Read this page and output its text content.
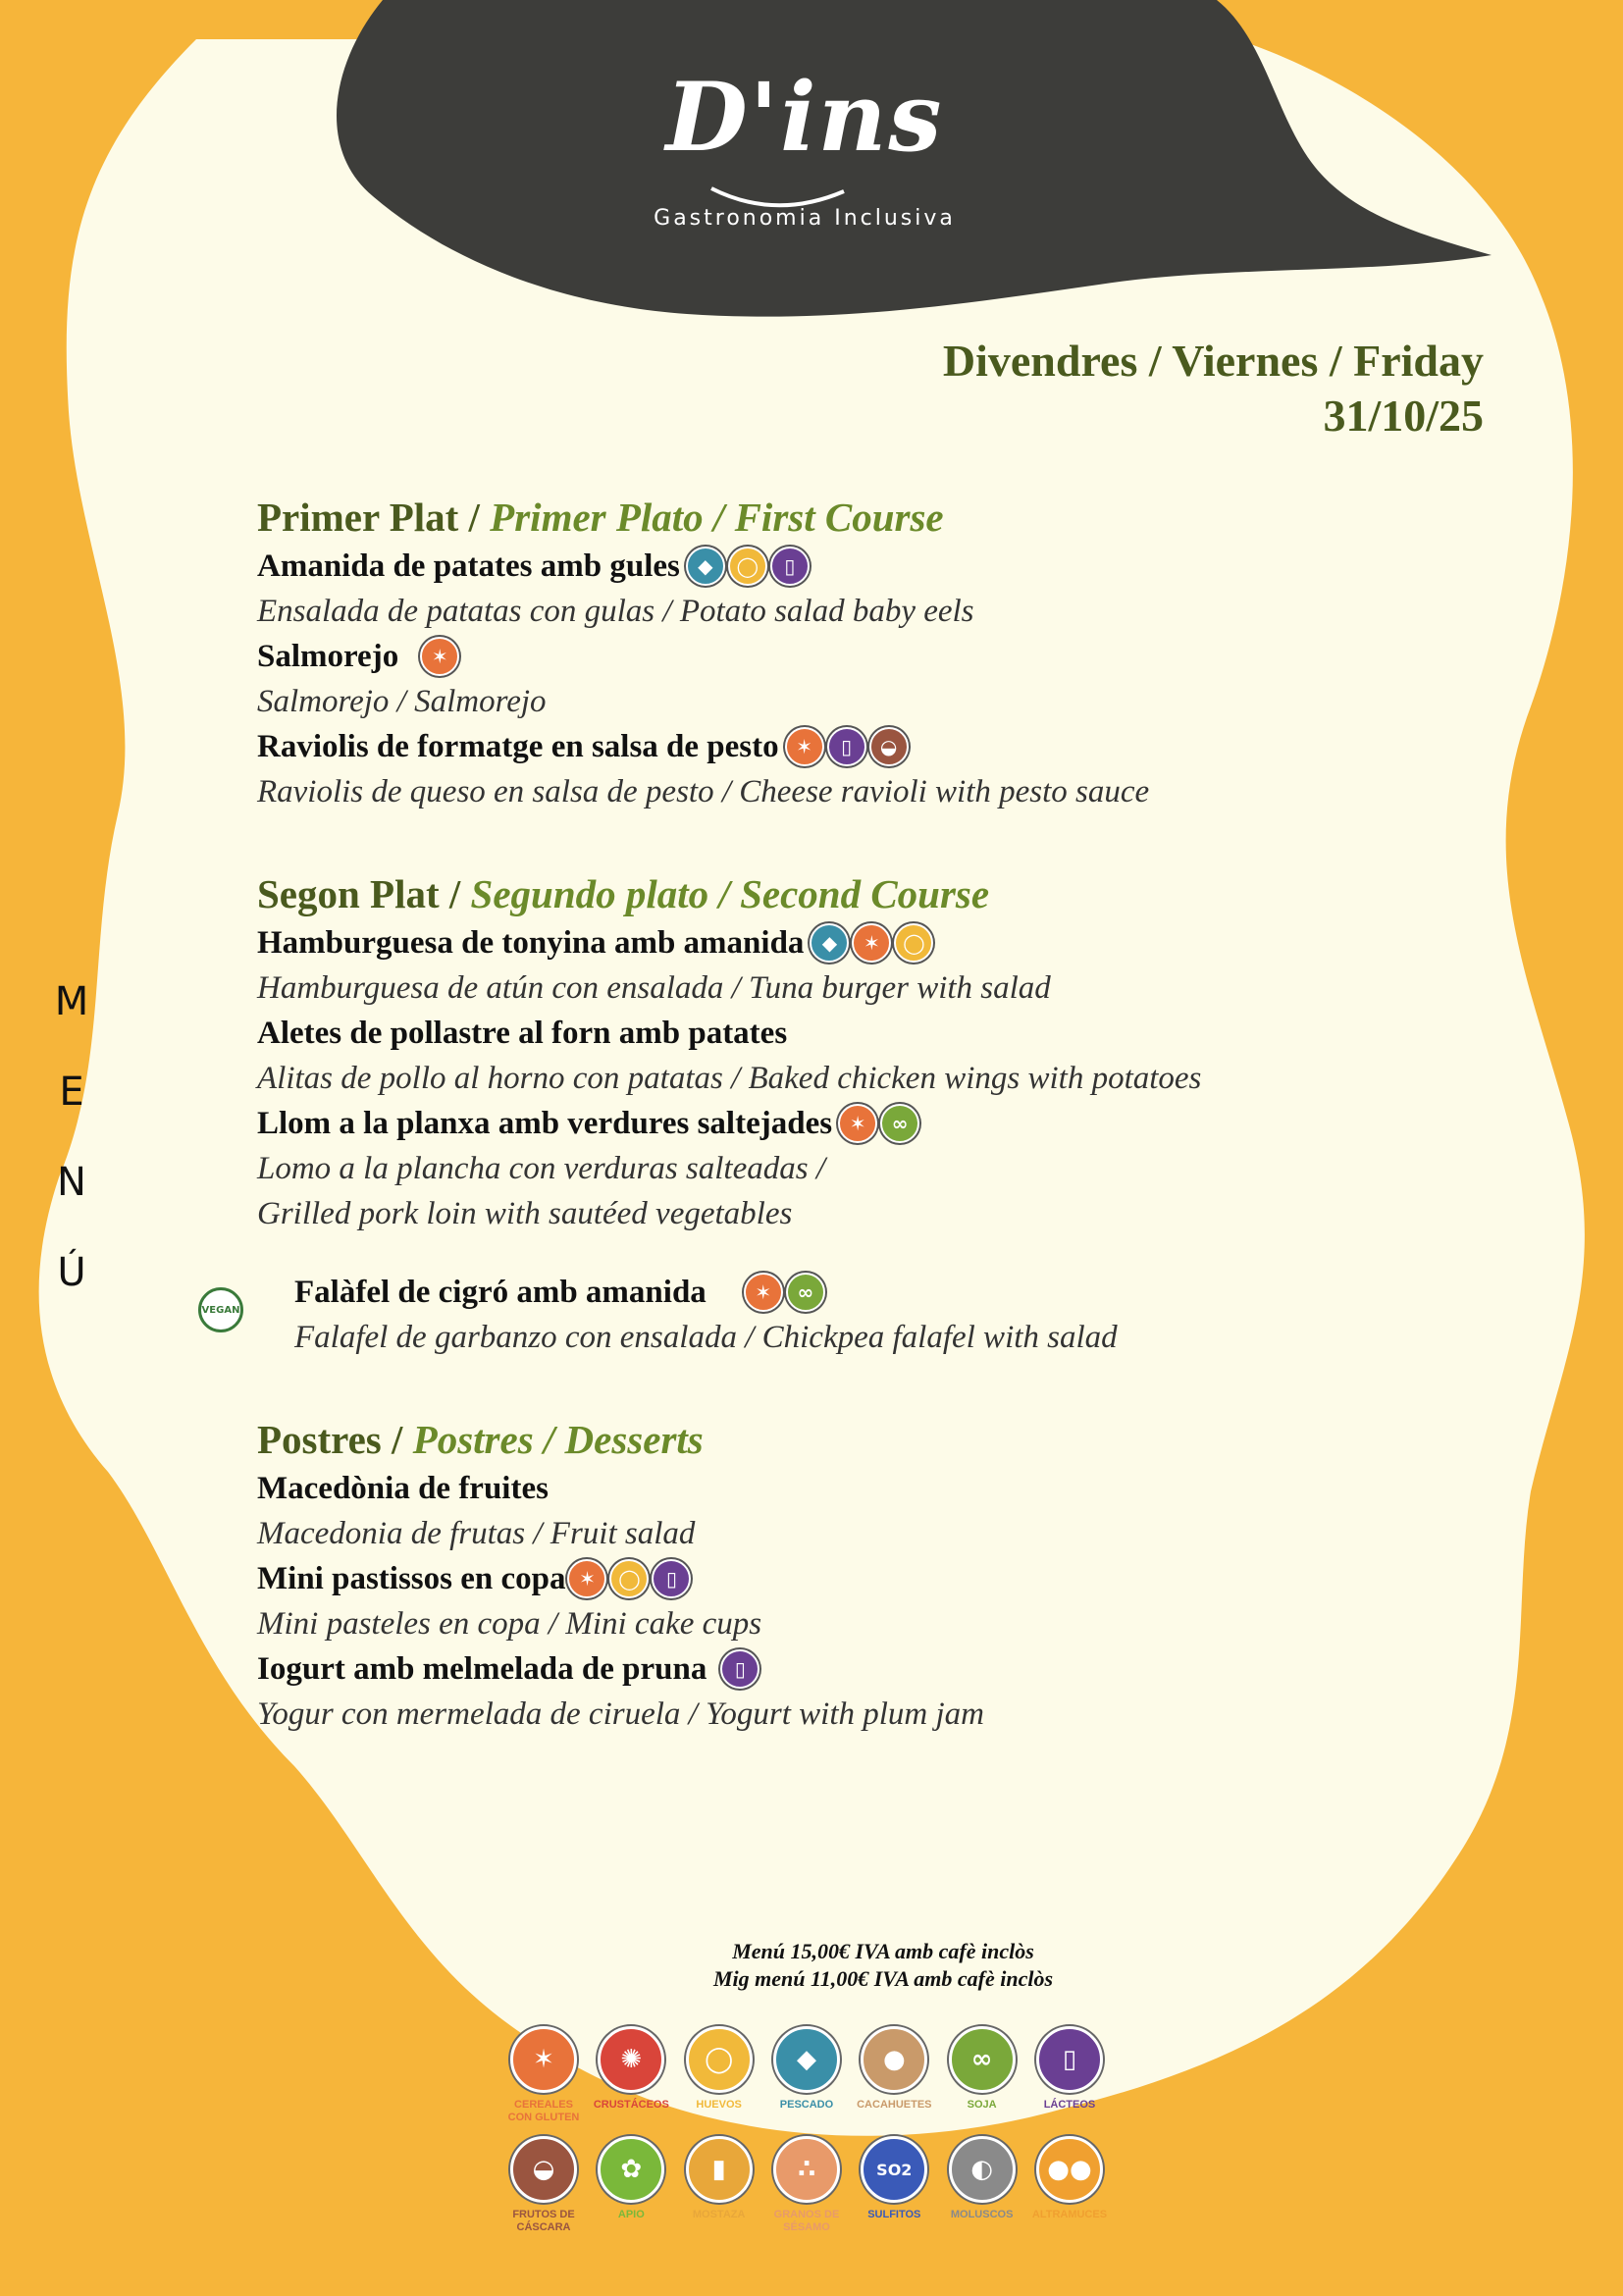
D'ins
Gastronomia Inclusiva
Divendres / Viernes / Friday
31/10/25
M
E
N
Ú
Primer Plat / Primer Plato / First Course
Amanida de patates amb gules ◆	◯	▯
Ensalada de patatas con gulas / Potato salad baby eels
Salmorejo	✶
Salmorejo / Salmorejo
Raviolis de formatge en salsa de pesto ✶	▯	◒
Raviolis de queso en salsa de pesto / Cheese ravioli with pesto sauce
Segon Plat / Segundo plato / Second Course
Hamburguesa de tonyina amb amanida ◆	✶	◯
Hamburguesa de atún con ensalada / Tuna burger with salad
Aletes de pollastre al forn amb patates
Alitas de pollo al horno con patatas / Baked chicken wings with potatoes
Llom a la planxa amb verdures saltejades ✶	∞
Lomo a la plancha con verduras salteadas /
Grilled pork loin with sautéed vegetables
VEGAN Falàfel de cigró amb amanida	✶	∞
Falafel de garbanzo con ensalada / Chickpea falafel with salad
Postres / Postres / Desserts
Macedònia de fruites
Macedonia de frutas / Fruit salad
Mini pastissos en copa ✶	◯	▯
Mini pasteles en copa / Mini cake cups
Iogurt amb melmelada de pruna	▯
Yogur con mermelada de ciruela / Yogurt with plum jam
Menú 15,00€ IVA amb cafè inclòs
Mig menú 11,00€ IVA amb cafè inclòs
✶
CEREALES CON GLUTEN
✺
CRUSTÁCEOS
◯
HUEVOS
◆
PESCADO
●
CACAHUETES
∞
SOJA
▯
LÁCTEOS
◒
FRUTOS DE CÁSCARA
✿
APIO
▮
MOSTAZA
∴
GRANOS DE SÉSAMO
SO2
SULFITOS
◐
MOLUSCOS
●●
ALTRAMUCES
